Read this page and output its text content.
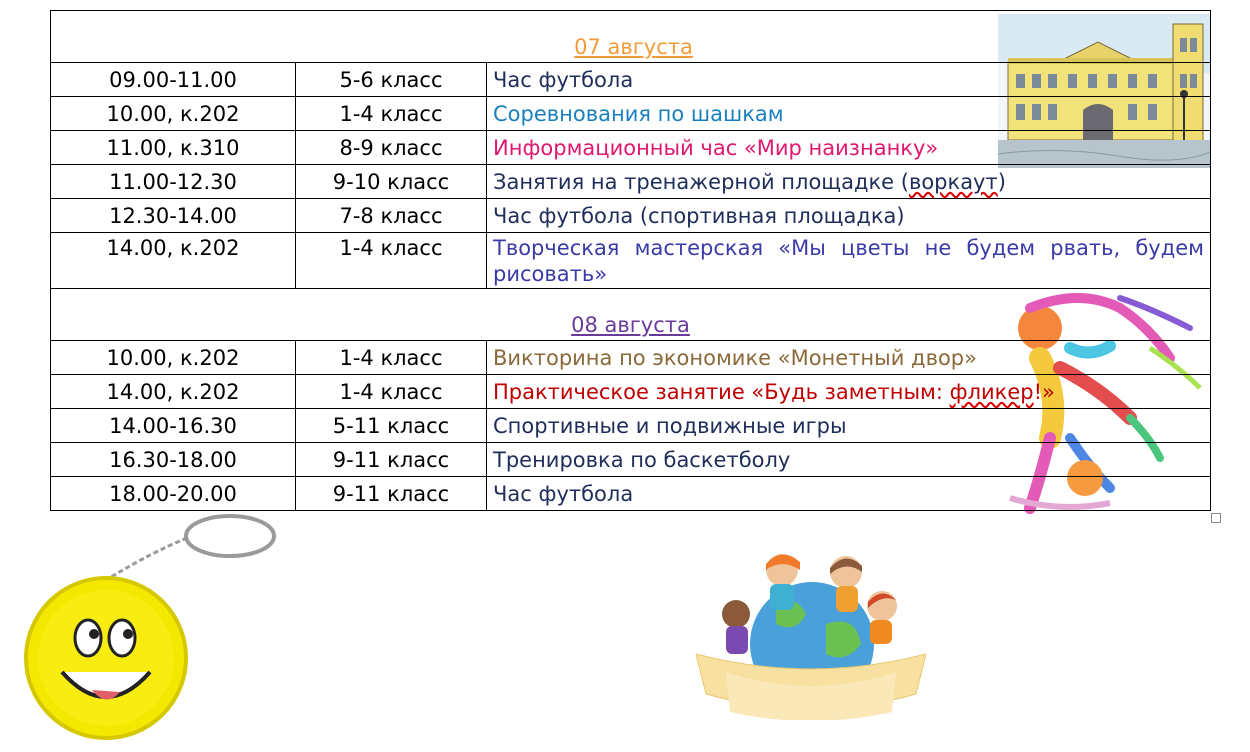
07 августа		
09.00-11.00	5-6 класс	Час футбола
10.00, к.202	1-4 класс	Соревнования по шашкам
11.00, к.310	8-9 класс	Информационный час «Мир наизнанку»
11.00-12.30	9-10 класс	Занятия на тренажерной площадке (воркаут)
12.30-14.00	7-8 класс	Час футбола (спортивная площадка)
14.00, к.202	1-4 класс	Творческая мастерская «Мы цветы не будем рвать, будем рисовать»
08 августа		
10.00, к.202	1-4 класс	Викторина по экономике «Монетный двор»
14.00, к.202	1-4 класс	Практическое занятие «Будь заметным: фликер!»
14.00-16.30	5-11 класс	Спортивные и подвижные игры
16.30-18.00	9-11 класс	Тренировка по баскетболу
18.00-20.00	9-11 класс	Час футбола
